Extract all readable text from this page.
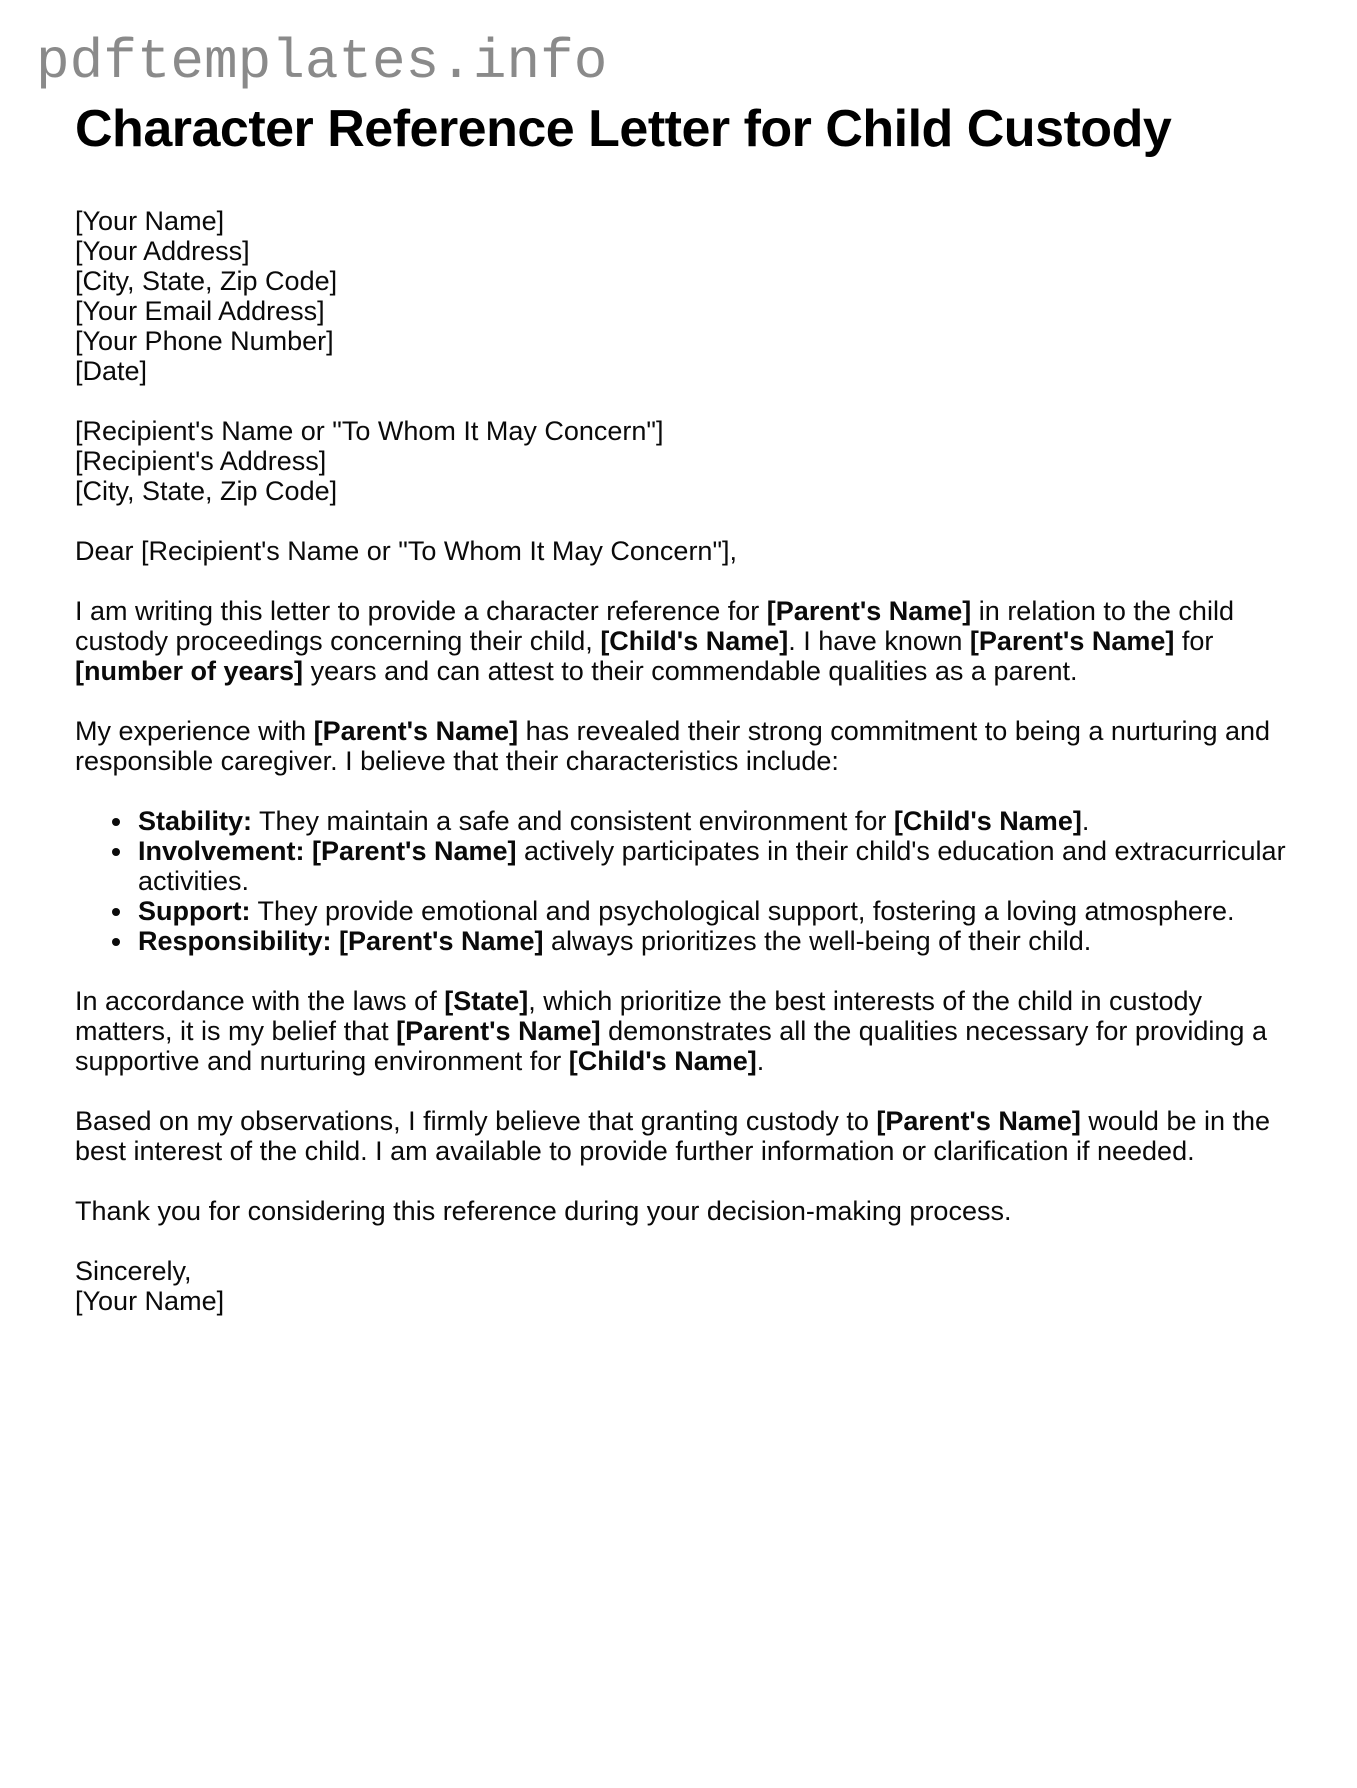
pdftemplates.info
Character Reference Letter for Child Custody
[Your Name]
[Your Address]
[City, State, Zip Code]
[Your Email Address]
[Your Phone Number]
[Date]
[Recipient's Name or "To Whom It May Concern"]
[Recipient's Address]
[City, State, Zip Code]

Dear [Recipient's Name or "To Whom It May Concern"],

I am writing this letter to provide a character reference for [Parent's Name] in relation to the child custody proceedings concerning their child, [Child's Name]. I have known [Parent's Name] for [number of years] years and can attest to their commendable qualities as a parent.

My experience with [Parent's Name] has revealed their strong commitment to being a nurturing and responsible caregiver. I believe that their characteristics include:

• Stability: They maintain a safe and consistent environment for [Child's Name].
• Involvement: [Parent's Name] actively participates in their child's education and extracurricular activities.
• Support: They provide emotional and psychological support, fostering a loving atmosphere.
• Responsibility: [Parent's Name] always prioritizes the well-being of their child.

In accordance with the laws of [State], which prioritize the best interests of the child in custody matters, it is my belief that [Parent's Name] demonstrates all the qualities necessary for providing a supportive and nurturing environment for [Child's Name].

Based on my observations, I firmly believe that granting custody to [Parent's Name] would be in the best interest of the child. I am available to provide further information or clarification if needed.

Thank you for considering this reference during your decision-making process.

Sincerely,
[Your Name]
